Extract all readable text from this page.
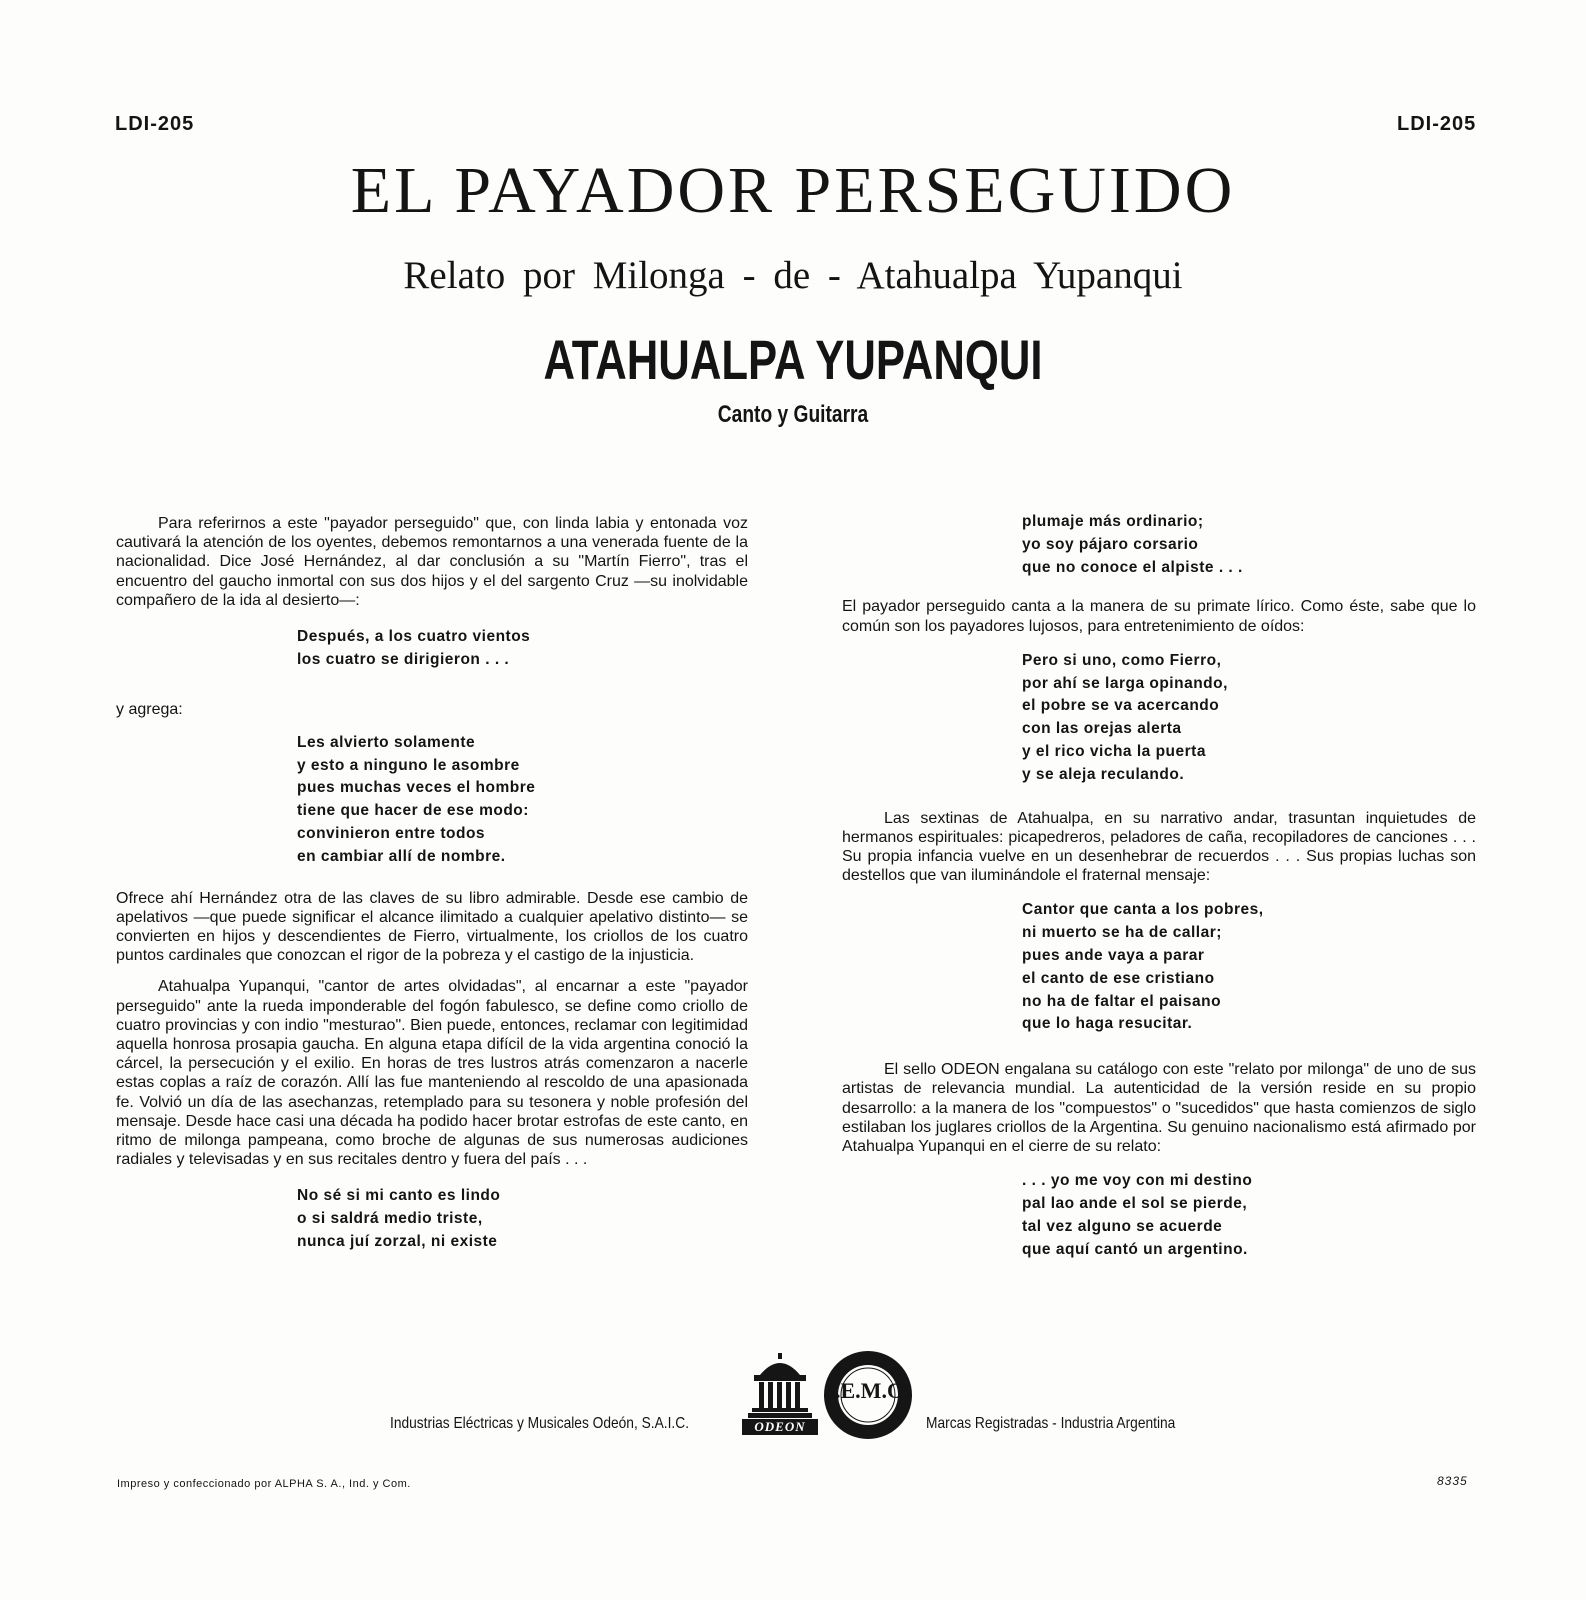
LDI-205	LDI-205
EL PAYADOR PERSEGUIDO
Relato por Milonga - de - Atahualpa Yupanqui
ATAHUALPA YUPANQUI
Canto y Guitarra

Para referirnos a este "payador perseguido" que, con linda labia y entonada voz cautivará la atención de los oyentes, debemos remontarnos a una venerada fuente de la nacionalidad. Dice José Hernández, al dar conclusión a su "Martín Fierro", tras el encuentro del gaucho inmortal con sus dos hijos y el del sargento Cruz —su inolvidable compañero de la ida al desierto—:

Después, a los cuatro vientos
los cuatro se dirigieron . . .

y agrega:

Les alvierto solamente
y esto a ninguno le asombre
pues muchas veces el hombre
tiene que hacer de ese modo:
convinieron entre todos
en cambiar allí de nombre.

Ofrece ahí Hernández otra de las claves de su libro admirable. Desde ese cambio de apelativos —que puede significar el alcance ilimitado a cualquier apelativo distinto— se convierten en hijos y descendientes de Fierro, virtualmente, los criollos de los cuatro puntos cardinales que conozcan el rigor de la pobreza y el castigo de la injusticia.

Atahualpa Yupanqui, "cantor de artes olvidadas", al encarnar a este "payador perseguido" ante la rueda imponderable del fogón fabulesco, se define como criollo de cuatro provincias y con indio "mesturao". Bien puede, entonces, reclamar con legitimidad aquella honrosa prosapia gaucha. En alguna etapa difícil de la vida argentina conoció la cárcel, la persecución y el exilio. En horas de tres lustros atrás comenzaron a nacerle estas coplas a raíz de corazón. Allí las fue manteniendo al rescoldo de una apasionada fe. Volvió un día de las asechanzas, retemplado para su tesonera y noble profesión del mensaje. Desde hace casi una década ha podido hacer brotar estrofas de este canto, en ritmo de milonga pampeana, como broche de algunas de sus numerosas audiciones radiales y televisadas y en sus recitales dentro y fuera del país . . .

No sé si mi canto es lindo
o si saldrá medio triste,
nunca juí zorzal, ni existe
plumaje más ordinario;
yo soy pájaro corsario
que no conoce el alpiste . . .

El payador perseguido canta a la manera de su primate lírico. Como éste, sabe que lo común son los payadores lujosos, para entretenimiento de oídos:

Pero si uno, como Fierro,
por ahí se larga opinando,
el pobre se va acercando
con las orejas alerta
y el rico vicha la puerta
y se aleja reculando.

Las sextinas de Atahualpa, en su narrativo andar, trasuntan inquietudes de hermanos espirituales: picapedreros, peladores de caña, recopiladores de canciones . . . Su propia infancia vuelve en un desenhebrar de recuerdos . . . Sus propias luchas son destellos que van iluminándole el fraternal mensaje:

Cantor que canta a los pobres,
ni muerto se ha de callar;
pues ande vaya a parar
el canto de ese cristiano
no ha de faltar el paisano
que lo haga resucitar.

El sello ODEON engalana su catálogo con este "relato por milonga" de uno de sus artistas de relevancia mundial. La autenticidad de la versión reside en su propio desarrollo: a la manera de los "compuestos" o "sucedidos" que hasta comienzos de siglo estilaban los juglares criollos de la Argentina. Su genuino nacionalismo está afirmado por Atahualpa Yupanqui en el cierre de su relato:

. . . yo me voy con mi destino
pal lao ande el sol se pierde,
tal vez alguno se acuerde
que aquí cantó un argentino.
ODEON
I.E.M.O.
Industrias Eléctricas y Musicales Odeón, S.A.I.C.	Marcas Registradas - Industria Argentina
Impreso y confeccionado por ALPHA S. A., Ind. y Com.	8335
